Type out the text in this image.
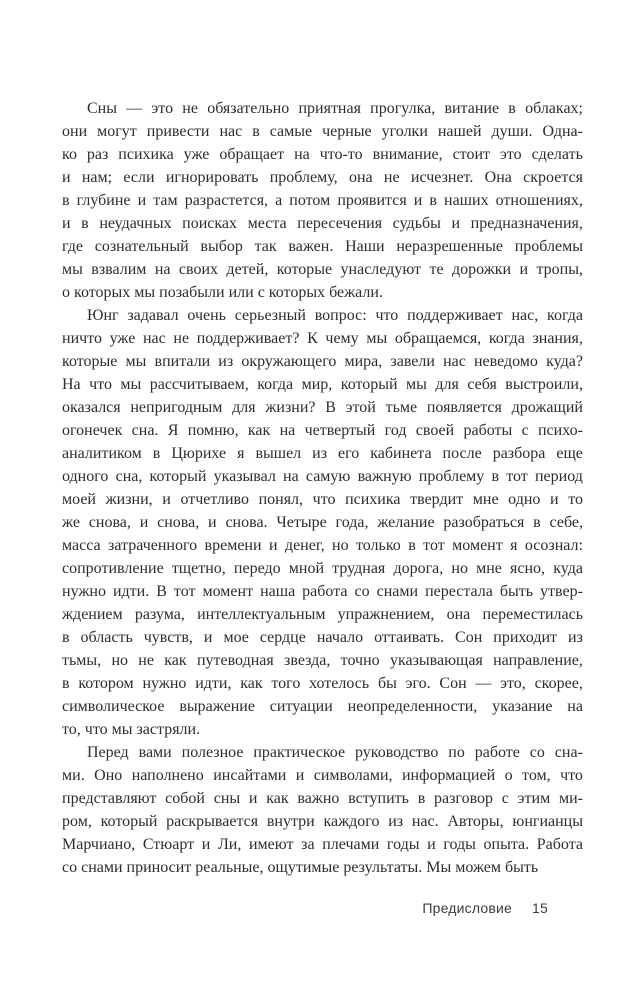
Сны — это не обязательно приятная прогулка, витание в облаках;
они могут привести нас в самые черные уголки нашей души. Одна-
ко раз психика уже обращает на что-то внимание, стоит это сделать
и нам; если игнорировать проблему, она не исчезнет. Она скроется
в глубине и там разрастется, а потом проявится и в наших отношениях,
и в неудачных поисках места пересечения судьбы и предназначения,
где сознательный выбор так важен. Наши неразрешенные проблемы
мы взвалим на своих детей, которые унаследуют те дорожки и тропы,
о которых мы позабыли или с которых бежали.

Юнг задавал очень серьезный вопрос: что поддерживает нас, когда
ничто уже нас не поддерживает? К чему мы обращаемся, когда знания,
которые мы впитали из окружающего мира, завели нас неведомо куда?
На что мы рассчитываем, когда мир, который мы для себя выстроили,
оказался непригодным для жизни? В этой тьме появляется дрожащий
огонечек сна. Я помню, как на четвертый год своей работы с психо-
аналитиком в Цюрихе я вышел из его кабинета после разбора еще
одного сна, который указывал на самую важную проблему в тот период
моей жизни, и отчетливо понял, что психика твердит мне одно и то
же снова, и снова, и снова. Четыре года, желание разобраться в себе,
масса затраченного времени и денег, но только в тот момент я осознал:
сопротивление тщетно, передо мной трудная дорога, но мне ясно, куда
нужно идти. В тот момент наша работа со снами перестала быть утвер-
ждением разума, интеллектуальным упражнением, она переместилась
в область чувств, и мое сердце начало оттаивать. Сон приходит из
тьмы, но не как путеводная звезда, точно указывающая направление,
в котором нужно идти, как того хотелось бы эго. Сон — это, скорее,
символическое выражение ситуации неопределенности, указание на
то, что мы застряли.

Перед вами полезное практическое руководство по работе со сна-
ми. Оно наполнено инсайтами и символами, информацией о том, что
представляют собой сны и как важно вступить в разговор с этим ми-
ром, который раскрывается внутри каждого из нас. Авторы, юнгианцы
Марчиано, Стюарт и Ли, имеют за плечами годы и годы опыта. Работа
со снами приносит реальные, ощутимые результаты. Мы можем быть

Предисловие 15
